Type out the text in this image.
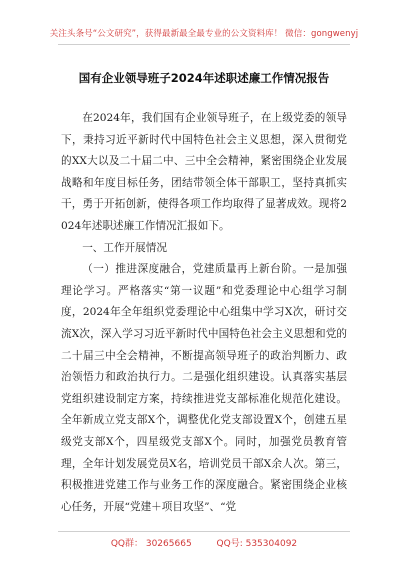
关注头条号“公文研究”，获得最新最全最专业的公文资料库！ 微信：gongwenyj
国有企业领导班子2024年述职述廉工作情况报告

在2024年，我们国有企业领导班子，在上级党委的领导下，秉持习近平新时代中国特色社会主义思想，深入贯彻党的XX大以及二十届二中、三中全会精神，紧密围绕企业发展战略和年度目标任务，团结带领全体干部职工，坚持真抓实干，勇于开拓创新，使得各项工作均取得了显著成效。现将2024年述职述廉工作情况汇报如下。

一、工作开展情况

（一）推进深度融合，党建质量再上新台阶。一是加强理论学习。严格落实“第一议题”和党委理论中心组学习制度，2024年全年组织党委理论中心组集中学习X次，研讨交流X次，深入学习习近平新时代中国特色社会主义思想和党的二十届三中全会精神，不断提高领导班子的政治判断力、政治领悟力和政治执行力。二是强化组织建设。认真落实基层党组织建设制定方案，持续推进党支部标准化规范化建设。全年新成立党支部X个，调整优化党支部设置X个，创建五星级党支部X个，四星级党支部X个。同时，加强党员教育管理，全年计划发展党员X名，培训党员干部X余人次。第三，积极推进党建工作与业务工作的深度融合。紧密围绕企业核心任务，开展“党建＋项目攻坚”、“党

QQ群： 30265665	QQ号: 535304092
